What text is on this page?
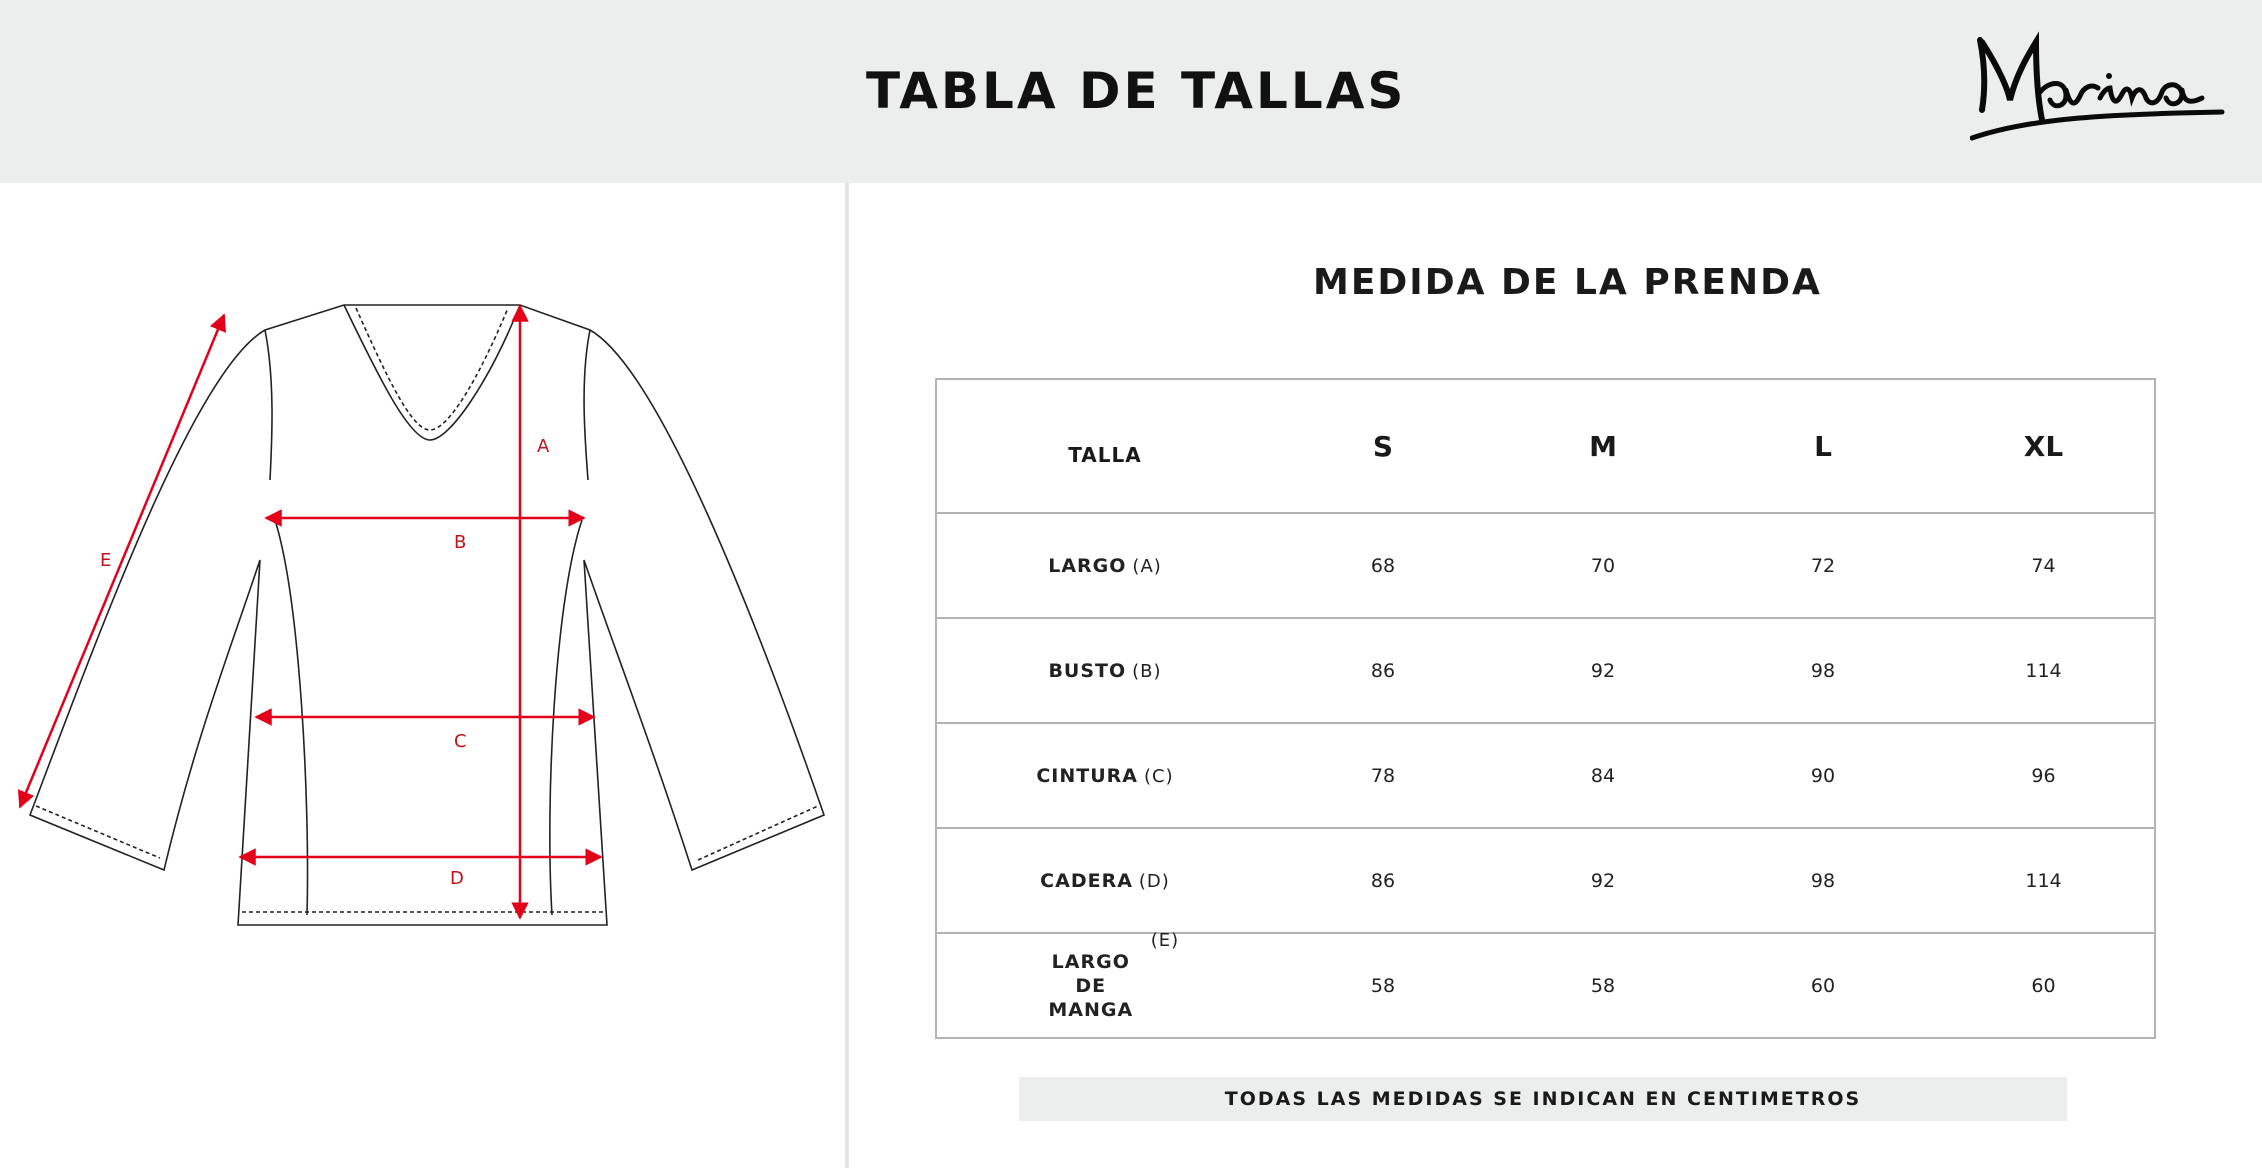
TABLA DE TALLAS
Marina
A
B
C
D
E
MEDIDA DE LA PRENDA
TALLA	S	M	L	XL
LARGO (A)	68	70	72	74
BUSTO (B)	86	92	98	114
CINTURA (C)	78	84	90	96
CADERA (D)	86	92	98	114
LARGO
DE
MANGA(E)	58	58	60	60
TODAS LAS MEDIDAS SE INDICAN EN CENTIMETROS
